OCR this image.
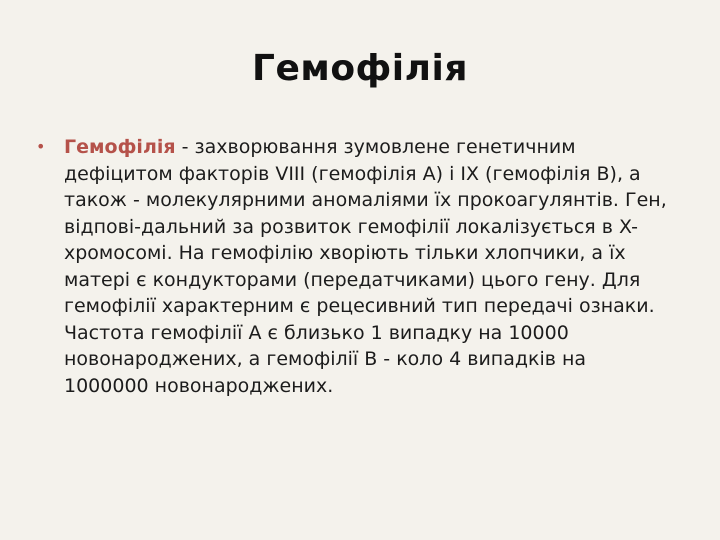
Гемофілія
• Гемофілія - захворювання зумовлене генетичним дефіцитом факторів VIII (гемофілія А) і IX (гемофілія В), а також - молекулярними аномаліями їх прокоагулянтів. Ген, відпові-дальний за розвиток гемофілії локалізується в X-хромосомі. На гемофілію хворіють тільки хлопчики, а їх матері є кондукторами (передатчиками) цього гену. Для гемофілії характерним є рецесивний тип передачі ознаки. Частота гемофілії А є близько 1 випадку на 10000 новонароджених, а гемофілії В - коло 4 випадків на 1000000 новонароджених.
